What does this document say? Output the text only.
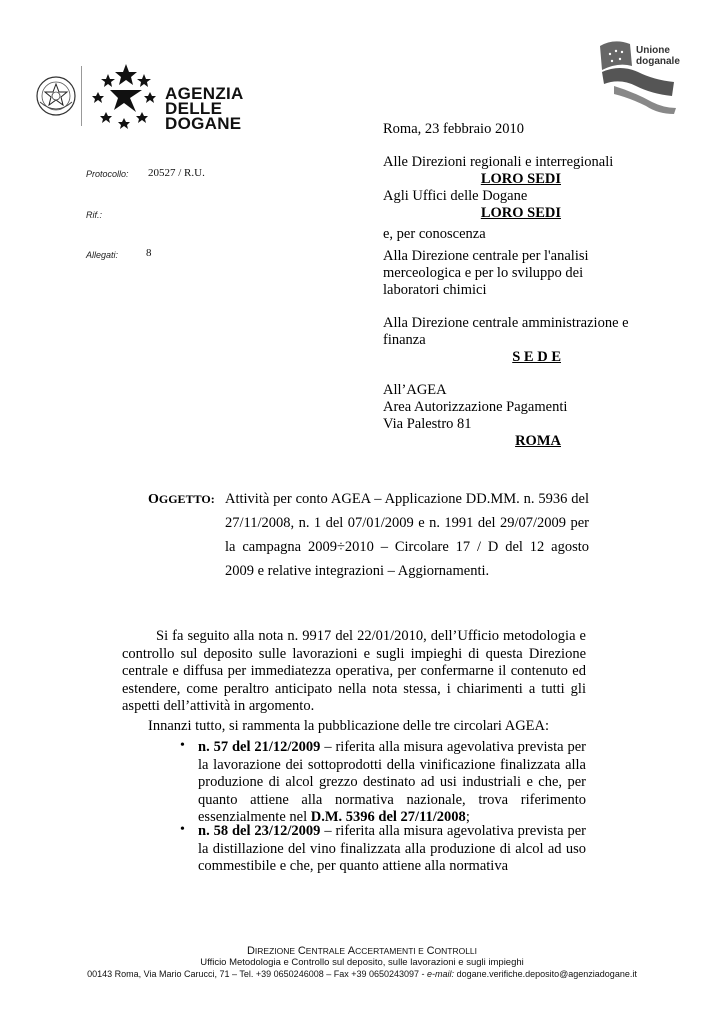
AGENZIA
DELLE
DOGANE
Unione
doganale
Protocollo: 20527 / R.U.
Rif.:
Allegati:	8
Roma, 23 febbraio 2010
Alle Direzioni regionali e interregionali
LORO SEDI
Agli Uffici delle Dogane
LORO SEDI
e, per conoscenza
Alla Direzione centrale per l'analisi
merceologica e per lo sviluppo dei
laboratori chimici
Alla Direzione centrale amministrazione e
finanza
S E D E
All’AGEA
Area Autorizzazione Pagamenti
Via Palestro 81
ROMA
OGGETTO: Attività per conto AGEA – Applicazione DD.MM. n. 5936 del 27/11/2008, n. 1 del 07/01/2009 e n. 1991 del 29/07/2009 per la campagna 2009÷2010 – Circolare 17 / D del 12 agosto 2009 e relative integrazioni – Aggiornamenti.
Si fa seguito alla nota n. 9917 del 22/01/2010, dell’Ufficio metodologia e controllo sul deposito sulle lavorazioni e sugli impieghi di questa Direzione centrale e diffusa per immediatezza operativa, per confermarne il contenuto ed estendere, come peraltro anticipato nella nota stessa, i chiarimenti a tutti gli aspetti dell’attività in argomento.
Innanzi tutto, si rammenta la pubblicazione delle tre circolari AGEA:
• n. 57 del 21/12/2009 – riferita alla misura agevolativa prevista per la lavorazione dei sottoprodotti della vinificazione finalizzata alla produzione di alcol grezzo destinato ad usi industriali e che, per quanto attiene alla normativa nazionale, trova riferimento essenzialmente nel D.M. 5396 del 27/11/2008;
• n. 58 del 23/12/2009 – riferita alla misura agevolativa prevista per la distillazione del vino finalizzata alla produzione di alcol ad uso commestibile e che, per quanto attiene alla normativa
DIREZIONE CENTRALE ACCERTAMENTI E CONTROLLI
Ufficio Metodologia e Controllo sul deposito, sulle lavorazioni e sugli impieghi
00143 Roma, Via Mario Carucci, 71 – Tel. +39 0650246008 – Fax +39 0650243097 - e-mail: dogane.verifiche.deposito@agenziadogane.it
